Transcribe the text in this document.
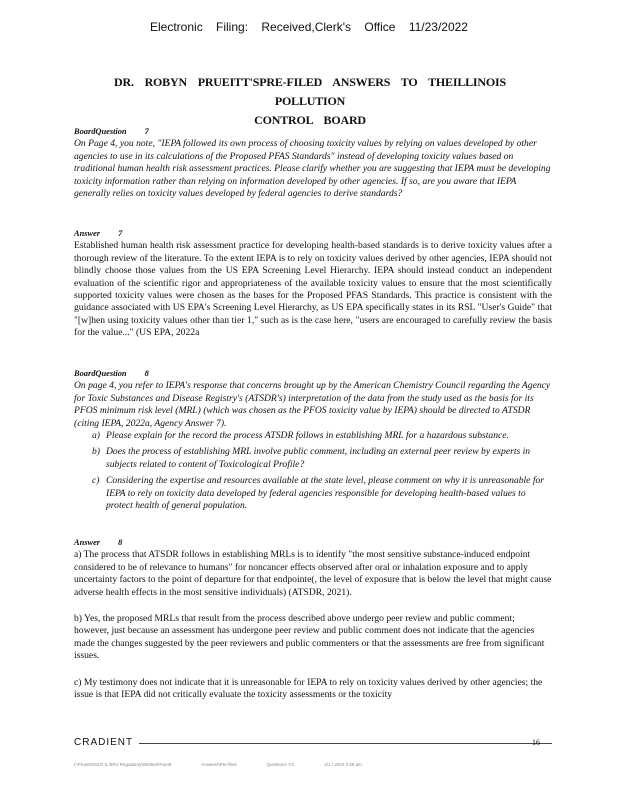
Electronic Filing: Received,Clerk's Office 11/23/2022
DR. ROBYN PRUEITT'SPRE-FILED ANSWERS TO THEILLINOIS POLLUTION
CONTROL BOARD
BoardQuestion 7

On Page 4, you note, "IEPA followed its own process of choosing toxicity values by relying on values developed by other agencies to use in its calculations of the Proposed PFAS Standards" instead of developing toxicity values based on traditional human health risk assessment practices. Please clarify whether you are suggesting that IEPA must be developing toxicity information rather than relying on information developed by other agencies. If so, are you aware that IEPA generally relies on toxicity values developed by federal agencies to derive standards?

Answer 7

Established human health risk assessment practice for developing health-based standards is to derive toxicity values after a thorough review of the literature. To the extent IEPA is to rely on toxicity values derived by other agencies, IEPA should not blindly choose those values from the US EPA Screening Level Hierarchy. IEPA should instead conduct an independent evaluation of the scientific rigor and appropriateness of the available toxicity values to ensure that the most scientifically supported toxicity values were chosen as the bases for the Proposed PFAS Standards. This practice is consistent with the guidance associated with US EPA's Screening Level Hierarchy, as US EPA specifically states in its RSL "User's Guide" that "[w]hen using toxicity values other than tier 1," such as is the case here, "users are encouraged to carefully review the basis for the value..." (US EPA, 2022a

BoardQuestion 8

On page 4, you refer to IEPA's response that concerns brought up by the American Chemistry Council regarding the Agency for Toxic Substances and Disease Registry's (ATSDR's) interpretation of the data from the study used as the basis for its PFOS minimum risk level (MRL) (which was chosen as the PFOS toxicity value by IEPA) should be directed to ATSDR (citing IEPA, 2022a, Agency Answer 7).

a) Please explain for the record the process ATSDR follows in establishing MRL for a hazardous substance.
b) Does the process of establishing MRL involve public comment, including an external peer review by experts in subjects related to content of Toxicological Profile?
c) Considering the expertise and resources available at the state level, please comment on why it is unreasonable for IEPA to rely on toxicity data developed by federal agencies responsible for developing health-based values to protect health of general population.
Answer 8

a) The process that ATSDR follows in establishing MRLs is to identify "the most sensitive substance-induced endpoint considered to be of relevance to humans" for noncancer effects observed after oral or inhalation exposure and to apply uncertainty factors to the point of departure for that endpointe(, the level of exposure that is below the level that might cause adverse health effects in the most sensitive individuals) (ATSDR, 2021).

b) Yes, the proposed MRLs that result from the process described above undergo peer review and public comment; however, just because an assessment has undergone peer review and public comment does not indicate that the agencies made the changes suggested by the peer reviewers and public commenters or that the assessments are free from significant issues.

c) My testimony does not indicate that it is unreasonable for IEPA to rely on toxicity values derived by other agencies; the issue is that IEPA did not critically evaluate the toxicity assessments or the toxicity

CRADIENT	16
I:\Prueitt\2022\ IL BRV Regulatory\Written\Prueitt	Answers\Pre-filed	Questions 7/1	2/1 / 2022 2:48 am
